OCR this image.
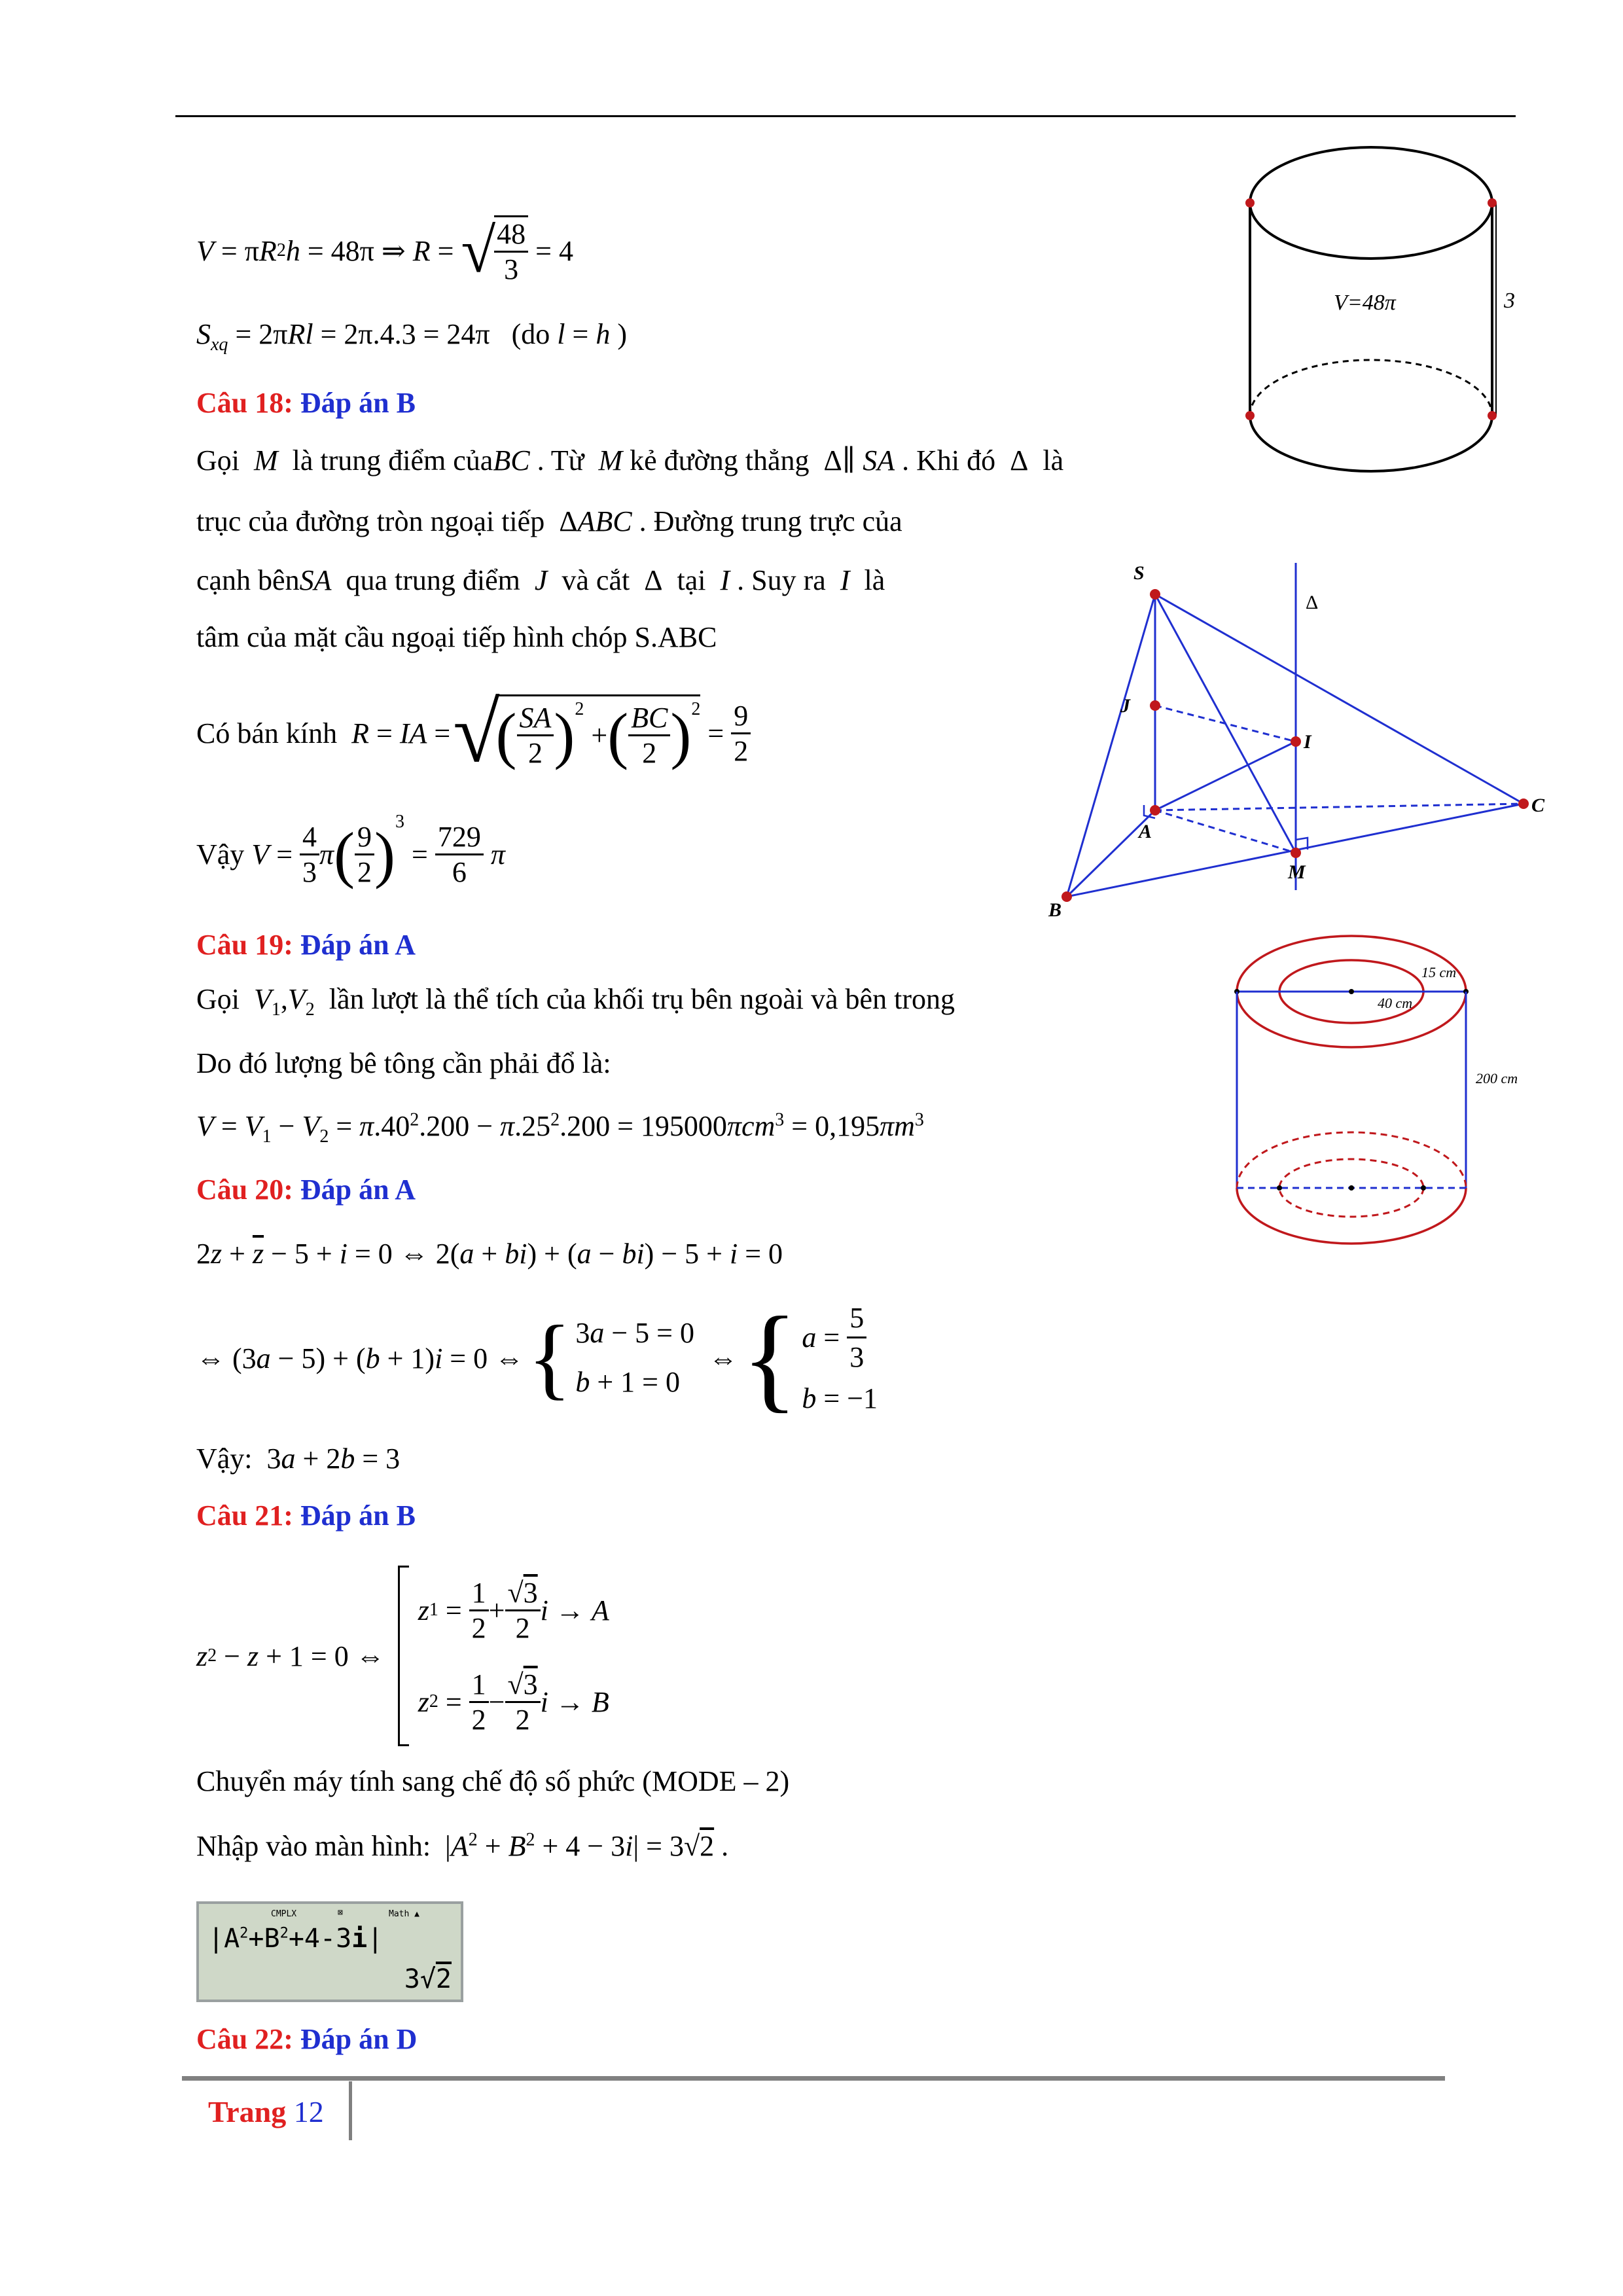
V = π R 2 h = 48π ⇒ R = √
$\frac{48}{3} = 4$
$S_{xq} = 2\pi Rl = 2\pi.4.3 = 24\pi$   (do l = h )
Câu 18: Đáp án B
Gọi  M  là trung điểm củaBC . Từ  M kẻ đường thẳng  Δ∥ SA . Khi đó  Δ  là
trục của đường tròn ngoại tiếp  ΔABC . Đường trung trực của
cạnh bênSA  qua trung điểm  J  và cắt  Δ  tại  I . Suy ra  I  là
tâm của mặt cầu ngoại tiếp hình chóp S.ABC
Có bán kính
R = IA = √
( $\frac{SA}{2} )^2$
+ ( $\frac{BC}{2} )^2$
= $\frac{9}{2}$
Vậy
$V = \frac{4}{3}$ π ( $\frac{9}{2} )^3$
= $\frac{729}{6}$
π
Câu 19: Đáp án A
Gọi  $V_1,V_2$  lần lượt là thể tích của khối trụ bên ngoài và bên trong
Do đó lượng bê tông cần phải đổ là:
$V = V_1 - V_2 = \pi.40^2.200 - \pi.25^2.200 = 195000\pi cm^3 = 0,195\pi m^3$
Câu 20: Đáp án A
$2z + \overline{z} - 5 + i = 0$ ⇔ 2(a + bi) + (a − bi) − 5 + i = 0
⇔ (3 a − 5) + ( b + 1) i = 0 ⇔ { 3a − 5 = 0
b + 1 = 0
⇔ { $a = \frac{5}{3}$
b = −1
Vậy:  3a + 2b = 3
Câu 21: Đáp án B
z 2 − z + 1 = 0 ⇔
z $1 = \frac{1}{2} + \frac{√3}{2}$ i → A
z $2 = \frac{1}{2} - \frac{√3}{2}$ i → B
Chuyển máy tính sang chế độ số phức (MODE – 2)
Nhập vào màn hình:  $|A^2 + B^2 + 4 - 3i| = 3√2$ .
CMPLX	⊠	Math ▲
$|A^2+B^2+4-3i|$
3√2
Câu 22: Đáp án D
Trang 12
V=48π	3
S
J
I
A
C
M
B
Δ
15 cm
40 cm
200 cm
